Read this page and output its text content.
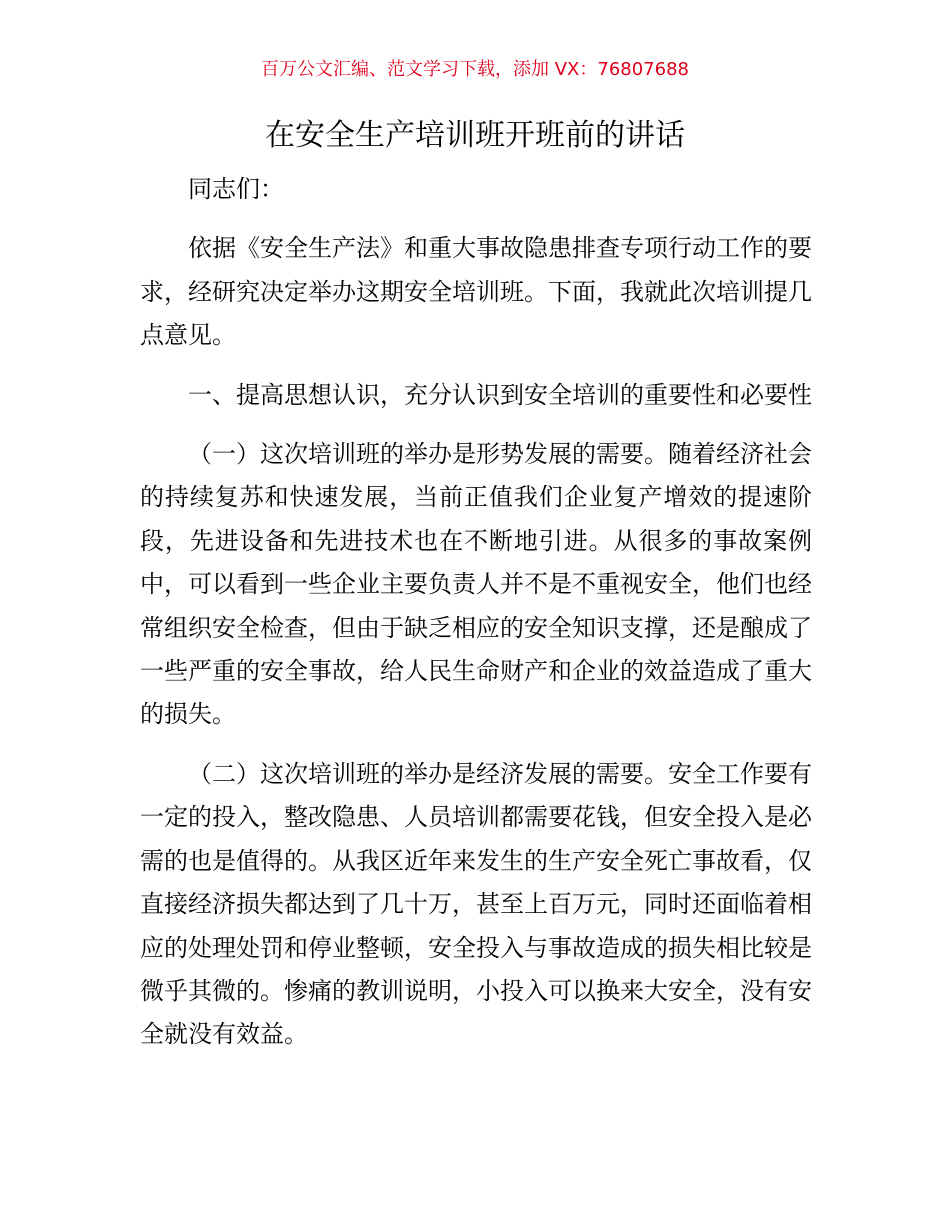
百万公文汇编、范文学习下载，添加 VX：76807688
在安全生产培训班开班前的讲话

同志们：

依据《安全生产法》和重大事故隐患排查专项行动工作的要求，经研究决定举办这期安全培训班。下面，我就此次培训提几点意见。

一、提高思想认识，充分认识到安全培训的重要性和必要性

（一）这次培训班的举办是形势发展的需要。随着经济社会的持续复苏和快速发展，当前正值我们企业复产增效的提速阶段，先进设备和先进技术也在不断地引进。从很多的事故案例中，可以看到一些企业主要负责人并不是不重视安全，他们也经常组织安全检查，但由于缺乏相应的安全知识支撑，还是酿成了一些严重的安全事故，给人民生命财产和企业的效益造成了重大的损失。

（二）这次培训班的举办是经济发展的需要。安全工作要有一定的投入，整改隐患、人员培训都需要花钱，但安全投入是必需的也是值得的。从我区近年来发生的生产安全死亡事故看，仅直接经济损失都达到了几十万，甚至上百万元，同时还面临着相应的处理处罚和停业整顿，安全投入与事故造成的损失相比较是微乎其微的。惨痛的教训说明，小投入可以换来大安全，没有安全就没有效益。
